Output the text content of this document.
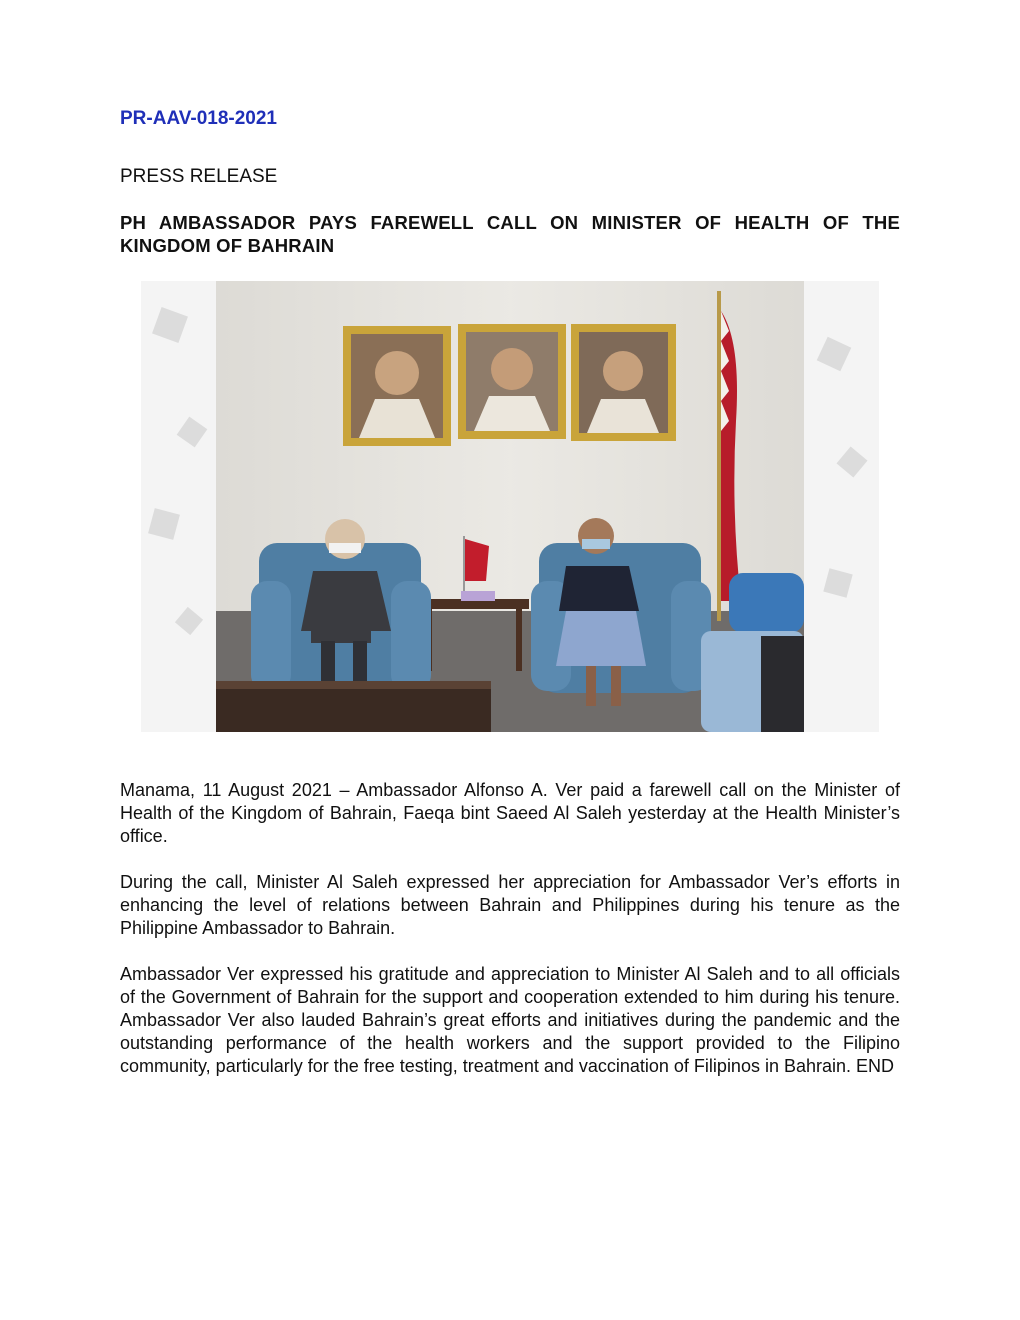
PR-AAV-018-2021
PRESS RELEASE
PH AMBASSADOR PAYS FAREWELL CALL ON MINISTER OF HEALTH OF THE KINGDOM OF BAHRAIN

Manama, 11 August 2021 – Ambassador Alfonso A. Ver paid a farewell call on the Minister of Health of the Kingdom of Bahrain, Faeqa bint Saeed Al Saleh yesterday at the Health Minister’s office.

During the call, Minister Al Saleh expressed her appreciation for Ambassador Ver’s efforts in enhancing the level of relations between Bahrain and Philippines during his tenure as the Philippine Ambassador to Bahrain.

Ambassador Ver expressed his gratitude and appreciation to Minister Al Saleh and to all officials of the Government of Bahrain for the support and cooperation extended to him during his tenure. Ambassador Ver also lauded Bahrain’s great efforts and initiatives during the pandemic and the outstanding performance of the health workers and the support provided to the Filipino community, particularly for the free testing, treatment and vaccination of Filipinos in Bahrain. END
